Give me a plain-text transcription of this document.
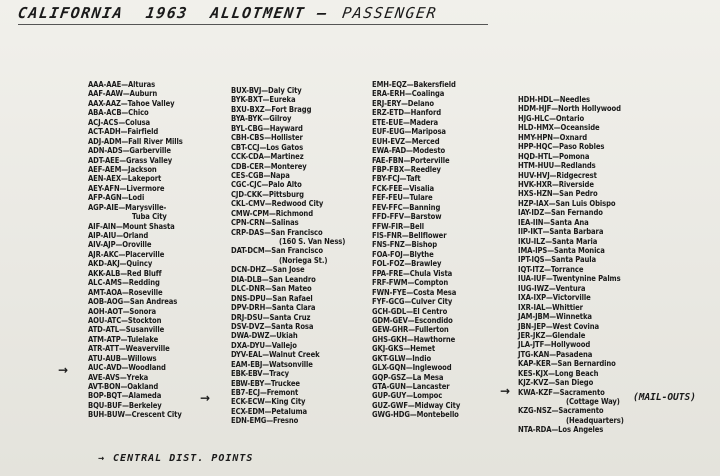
CALIFORNIA 1963 ALLOTMENT — PASSENGER
AAA-AAE—Alturas
AAF-AAW—Auburn
AAX-AAZ—Tahoe Valley
ABA-ACB—Chico
ACJ-ACS—Colusa
ACT-ADH—Fairfield
ADJ-ADM—Fall River Mills
ADN-ADS—Garberville
ADT-AEE—Grass Valley
AEF-AEM—Jackson
AEN-AEX—Lakeport
AEY-AFN—Livermore
AFP-AGN—Lodi
AGP-AIE—Marysville-
Tuba City
AIF-AIN—Mount Shasta
AIP-AIU—Orland
AIV-AJP—Oroville
AJR-AKC—Placerville
AKD-AKJ—Quincy
AKK-ALB—Red Bluff
ALC-AMS—Redding
AMT-AOA—Roseville
AOB-AOG—San Andreas
AOH-AOT—Sonora
AOU-ATC—Stockton
ATD-ATL—Susanville
ATM-ATP—Tulelake
ATR-ATT—Weaverville
ATU-AUB—Willows
AUC-AVD—Woodland
AVE-AVS—Yreka
AVT-BON—Oakland
BOP-BQT—Alameda
BQU-BUF—Berkeley
BUH-BUW—Crescent City
BUX-BVJ—Daly City
BYK-BXT—Eureka
BXU-BXZ—Fort Bragg
BYA-BYK—Gilroy
BYL-CBG—Hayward
CBH-CBS—Hollister
CBT-CCJ—Los Gatos
CCK-CDA—Martinez
CDB-CER—Monterey
CES-CGB—Napa
CGC-CJC—Palo Alto
CJD-CKK—Pittsburg
CKL-CMV—Redwood City
CMW-CPM—Richmond
CPN-CRN—Salinas
CRP-DAS—San Francisco
(160 S. Van Ness)
DAT-DCM—San Francisco
(Noriega St.)
DCN-DHZ—San Jose
DIA-DLB—San Leandro
DLC-DNR—San Mateo
DNS-DPU—San Rafael
DPV-DRH—Santa Clara
DRJ-DSU—Santa Cruz
DSV-DVZ—Santa Rosa
DWA-DWZ—Ukiah
DXA-DYU—Vallejo
DYV-EAL—Walnut Creek
EAM-EBJ—Watsonville
EBK-EBV—Tracy
EBW-EBY—Truckee
EB7-ECJ—Fremont
ECK-ECW—King City
ECX-EDM—Petaluma
EDN-EMG—Fresno
EMH-EQZ—Bakersfield
ERA-ERH—Coalinga
ERJ-ERY—Delano
ERZ-ETD—Hanford
ETE-EUE—Madera
EUF-EUG—Mariposa
EUH-EVZ—Merced
EWA-FAD—Modesto
FAE-FBN—Porterville
FBP-FBX—Reedley
FBY-FCJ—Taft
FCK-FEE—Visalia
FEF-FEU—Tulare
FEV-FFC—Banning
FFD-FFV—Barstow
FFW-FIR—Bell
FIS-FNR—Bellflower
FNS-FNZ—Bishop
FOA-FOJ—Blythe
FOL-FOZ—Brawley
FPA-FRE—Chula Vista
FRF-FWM—Compton
FWN-FYE—Costa Mesa
FYF-GCG—Culver City
GCH-GDL—El Centro
GDM-GEV—Escondido
GEW-GHR—Fullerton
GHS-GKH—Hawthorne
GKJ-GKS—Hemet
GKT-GLW—Indio
GLX-GQN—Inglewood
GQP-GSZ—La Mesa
GTA-GUN—Lancaster
GUP-GUY—Lompoc
GUZ-GWF—Midway City
GWG-HDG—Montebello
HDH-HDL—Needles
HDM-HJF—North Hollywood
HJG-HLC—Ontario
HLD-HMX—Oceanside
HMY-HPN—Oxnard
HPP-HQC—Paso Robles
HQD-HTL—Pomona
HTM-HUU—Redlands
HUV-HVJ—Ridgecrest
HVK-HXR—Riverside
HXS-HZN—San Pedro
HZP-IAX—San Luis Obispo
IAY-IDZ—San Fernando
IEA-IIN—Santa Ana
IIP-IKT—Santa Barbara
IKU-ILZ—Santa Maria
IMA-IPS—Santa Monica
IPT-IQS—Santa Paula
IQT-ITZ—Torrance
IUA-IUF—Twentynine Palms
IUG-IWZ—Ventura
IXA-IXP—Victorville
IXR-IAL—Whittier
JAM-JBM—Winnetka
JBN-JEP—West Covina
JER-JKZ—Glendale
JLA-JTF—Hollywood
JTG-KAN—Pasadena
KAP-KER—San Bernardino
KES-KJX—Long Beach
KJZ-KVZ—San Diego
KWA-KZF—Sacramento
(Cottage Way)
KZG-NSZ—Sacramento
(Headquarters)
NTA-RDA—Los Angeles
→
→	→	(MAIL-OUTS)
→ CENTRAL DIST. POINTS
